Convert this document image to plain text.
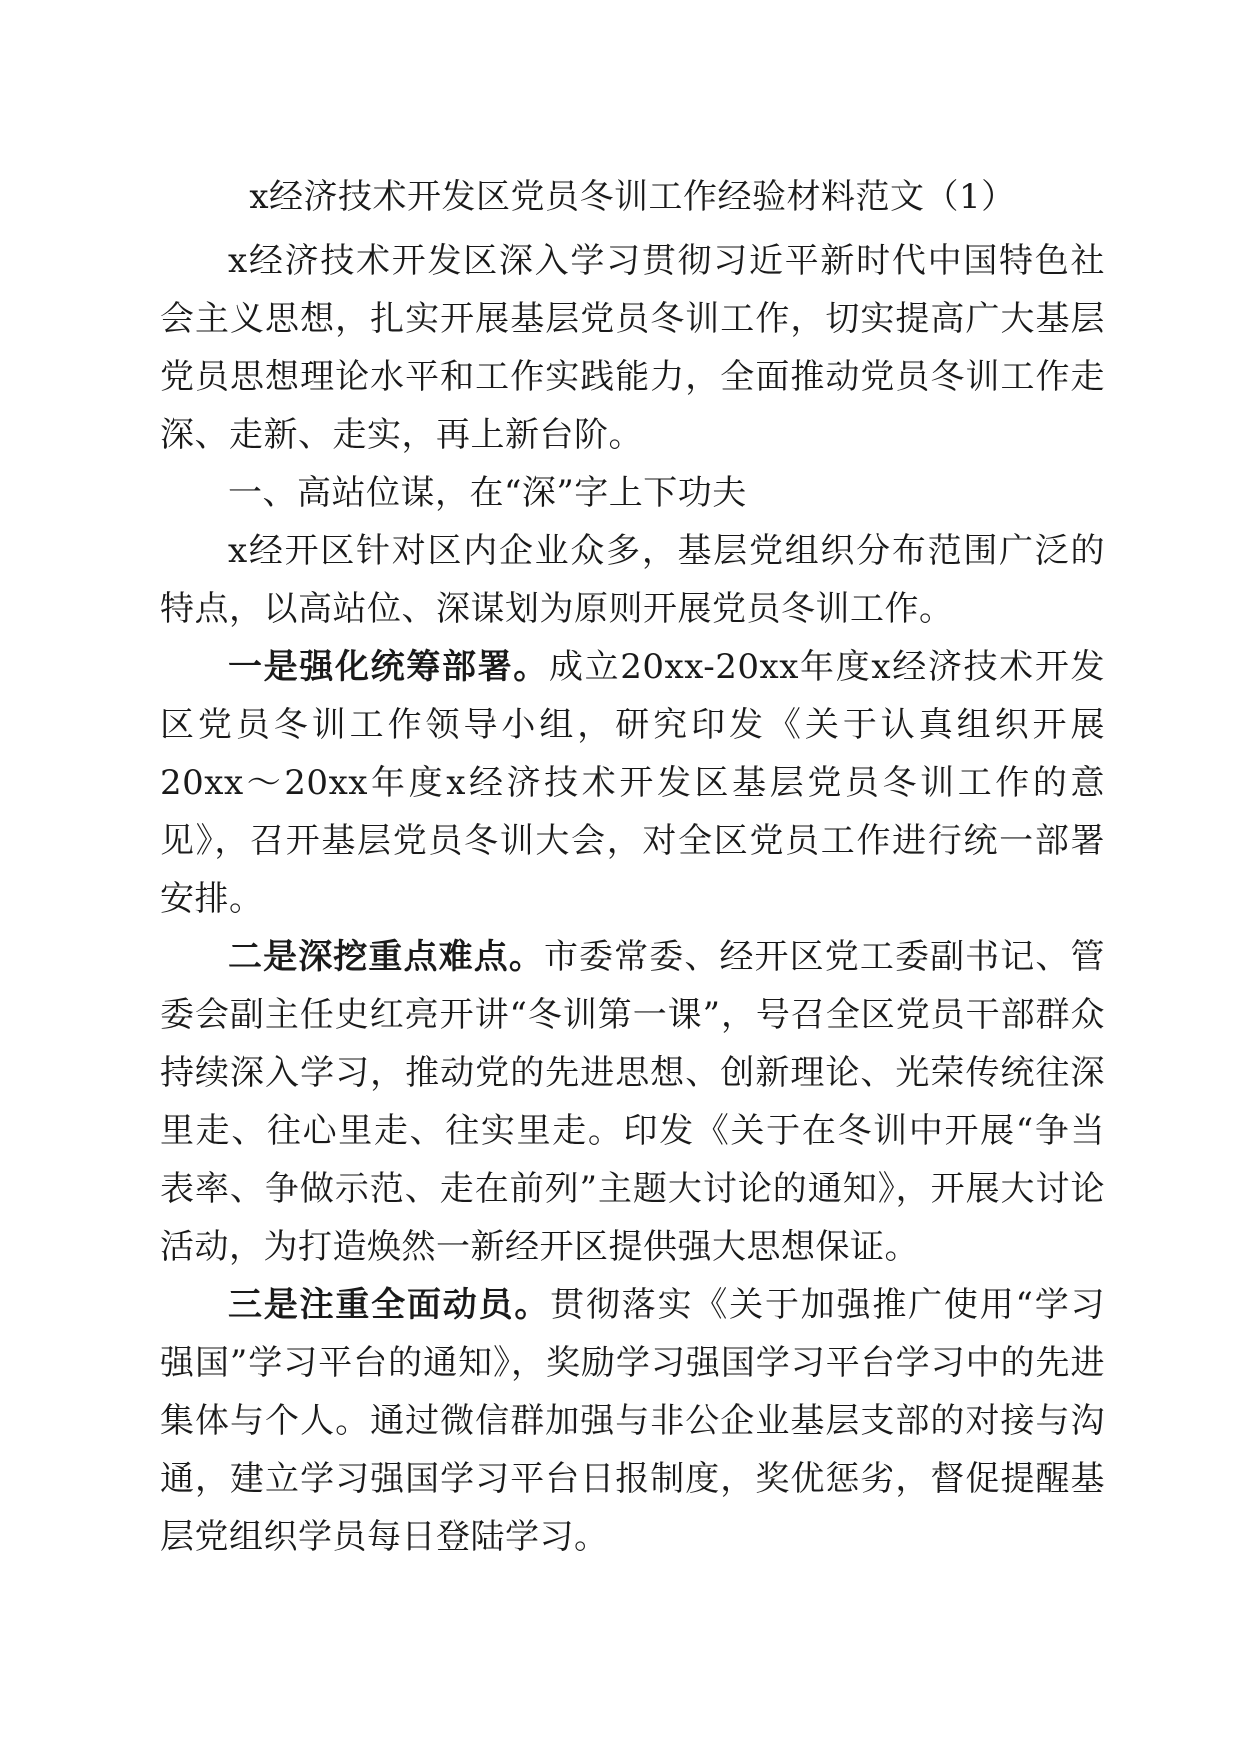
x经济技术开发区党员冬训工作经验材料范文（1）

x经济技术开发区深入学习贯彻习近平新时代中国特色社会主义思想，扎实开展基层党员冬训工作，切实提高广大基层党员思想理论水平和工作实践能力，全面推动党员冬训工作走深、走新、走实，再上新台阶。

一、高站位谋，在“深”字上下功夫

x经开区针对区内企业众多，基层党组织分布范围广泛的特点，以高站位、深谋划为原则开展党员冬训工作。

一是强化统筹部署。成立20xx-20xx年度x经济技术开发区党员冬训工作领导小组，研究印发《关于认真组织开展20xx～20xx年度x经济技术开发区基层党员冬训工作的意见》，召开基层党员冬训大会，对全区党员工作进行统一部署安排。

二是深挖重点难点。市委常委、经开区党工委副书记、管委会副主任史红亮开讲“冬训第一课”，号召全区党员干部群众持续深入学习，推动党的先进思想、创新理论、光荣传统往深里走、往心里走、往实里走。印发《关于在冬训中开展“争当表率、争做示范、走在前列”主题大讨论的通知》，开展大讨论活动，为打造焕然一新经开区提供强大思想保证。

三是注重全面动员。贯彻落实《关于加强推广使用“学习强国”学习平台的通知》，奖励学习强国学习平台学习中的先进集体与个人。通过微信群加强与非公企业基层支部的对接与沟通，建立学习强国学习平台日报制度，奖优惩劣，督促提醒基层党组织学员每日登陆学习。
